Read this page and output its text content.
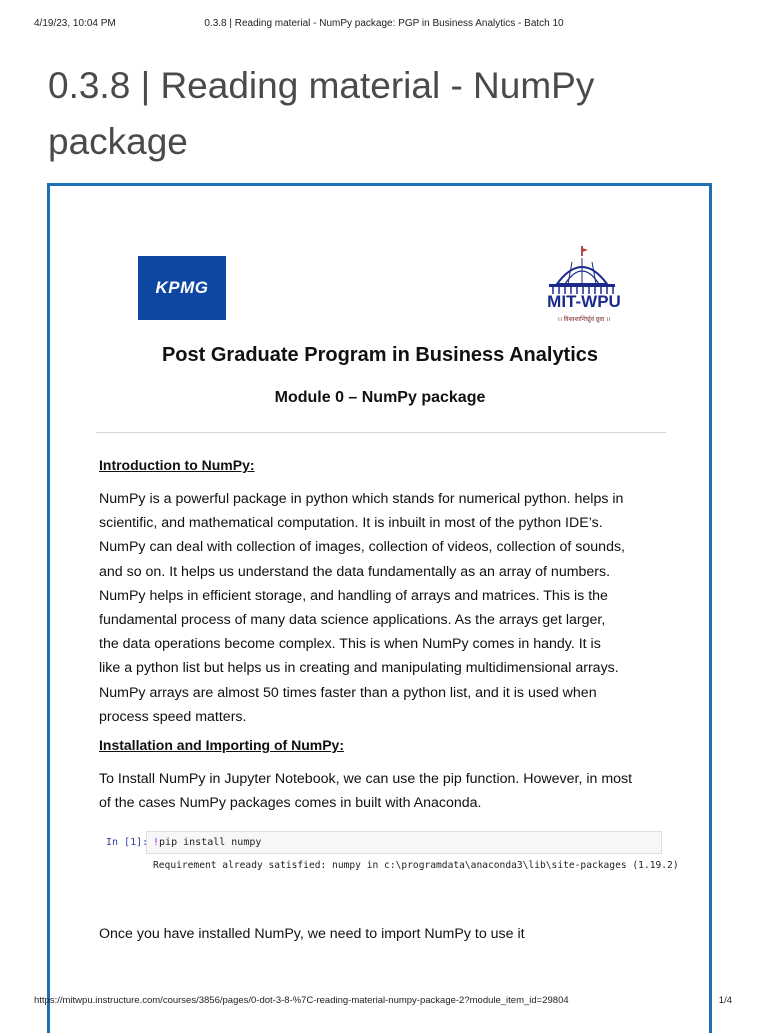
4/19/23, 10:04 PM	0.3.8 | Reading material - NumPy package: PGP in Business Analytics - Batch 10
0.3.8 | Reading material - NumPy
package
KPMG
MIT-WPU
।। विश्वशान्तिर्ध्रुवं ध्रुवा ।।
Post Graduate Program in Business Analytics
Module 0 – NumPy package
Introduction to NumPy:

NumPy is a powerful package in python which stands for numerical python. helps in
scientific, and mathematical computation. It is inbuilt in most of the python IDE’s.
NumPy can deal with collection of images, collection of videos, collection of sounds,
and so on. It helps us understand the data fundamentally as an array of numbers.
NumPy helps in efficient storage, and handling of arrays and matrices. This is the
fundamental process of many data science applications. As the arrays get larger,
the data operations become complex. This is when NumPy comes in handy. It is
like a python list but helps us in creating and manipulating multidimensional arrays.
NumPy arrays are almost 50 times faster than a python list, and it is used when
process speed matters.

Installation and Importing of NumPy:

To Install NumPy in Jupyter Notebook, we can use the pip function. However, in most
of the cases NumPy packages comes in built with Anaconda.

In [1]: !pip install numpy
Requirement already satisfied: numpy in c:\programdata\anaconda3\lib\site-packages (1.19.2)

Once you have installed NumPy, we need to import NumPy to use it

https://mitwpu.instructure.com/courses/3856/pages/0-dot-3-8-%7C-reading-material-numpy-package-2?module_item_id=29804	1/4
